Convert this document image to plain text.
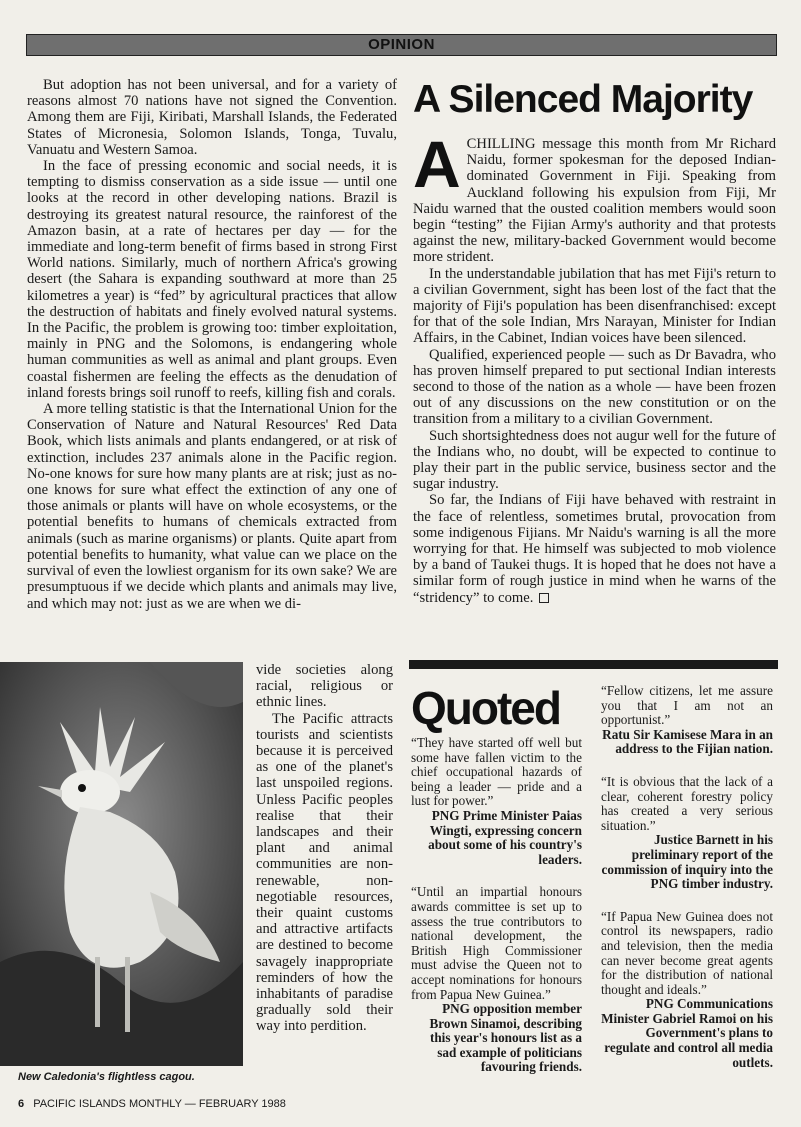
OPINION

But adoption has not been universal, and for a variety of reasons almost 70 nations have not signed the Convention. Among them are Fiji, Kiribati, Marshall Islands, the Federated States of Micronesia, Solomon Islands, Tonga, Tuvalu, Vanuatu and Western Samoa.

In the face of pressing economic and social needs, it is tempting to dismiss conservation as a side issue — until one looks at the record in other developing nations. Brazil is destroying its greatest natural resource, the rainforest of the Amazon basin, at a rate of hectares per day — for the immediate and long-term benefit of firms based in strong First World nations. Similarly, much of northern Africa's growing desert (the Sahara is expanding southward at more than 25 kilometres a year) is “fed” by agricultural practices that allow the destruction of habitats and finely evolved natural systems. In the Pacific, the problem is growing too: timber exploitation, mainly in PNG and the Solomons, is endangering whole human communities as well as animal and plant groups. Even coastal fishermen are feeling the effects as the denudation of inland forests brings soil runoff to reefs, killing fish and corals.

A more telling statistic is that the International Union for the Conservation of Nature and Natural Resources' Red Data Book, which lists animals and plants endangered, or at risk of extinction, includes 237 animals alone in the Pacific region. No-one knows for sure how many plants are at risk; just as no-one knows for sure what effect the extinction of any one of those animals or plants will have on whole ecosystems, or the potential benefits to humans of chemicals extracted from animals (such as marine organisms) or plants. Quite apart from potential benefits to humanity, what value can we place on the survival of even the lowliest organism for its own sake? We are presumptuous if we decide which plants and animals may live, and which may not: just as we are when we di-

New Caledonia's flightless cagou.

vide societies along racial, religious or ethnic lines.

The Pacific attracts tourists and scientists because it is perceived as one of the planet's last unspoiled regions. Unless Pacific peoples realise that their landscapes and their plant and animal communities are non-renewable, non-negotiable resources, their quaint customs and attractive artifacts are destined to become savagely inappropriate reminders of how the inhabitants of paradise gradually sold their way into perdition.

A Silenced Majority

ACHILLING message this month from Mr Richard Naidu, former spokesman for the deposed Indian-dominated Government in Fiji. Speaking from Auckland following his expulsion from Fiji, Mr Naidu warned that the ousted coalition members would soon begin “testing” the Fijian Army's authority and that protests against the new, military-backed Government would become more strident.

In the understandable jubilation that has met Fiji's return to a civilian Government, sight has been lost of the fact that the majority of Fiji's population has been disenfranchised: except for that of the sole Indian, Mrs Narayan, Minister for Indian Affairs, in the Cabinet, Indian voices have been silenced.

Qualified, experienced people — such as Dr Bavadra, who has proven himself prepared to put sectional Indian interests second to those of the nation as a whole — have been frozen out of any discussions on the new constitution or on the transition from a military to a civilian Government.

Such shortsightedness does not augur well for the future of the Indians who, no doubt, will be expected to continue to play their part in the public service, business sector and the sugar industry.

So far, the Indians of Fiji have behaved with restraint in the face of relentless, sometimes brutal, provocation from some indigenous Fijians. Mr Naidu's warning is all the more worrying for that. He himself was subjected to mob violence by a band of Taukei thugs. It is hoped that he does not have a similar form of rough justice in mind when he warns of the “stridency” to come.

Quoted

“They have started off well but some have fallen victim to the chief occupational hazards of being a leader — pride and a lust for power.”

PNG Prime Minister Paias Wingti, expressing concern about some of his country's leaders.

“Until an impartial honours awards committee is set up to assess the true contributors to national development, the British High Commissioner must advise the Queen not to accept nominations for honours from Papua New Guinea.”

PNG opposition member Brown Sinamoi, describing this year's honours list as a sad example of politicians favouring friends.

“Fellow citizens, let me assure you that I am not an opportunist.”

Ratu Sir Kamisese Mara in an address to the Fijian nation.

“It is obvious that the lack of a clear, coherent forestry policy has created a very serious situation.”

Justice Barnett in his preliminary report of the commission of inquiry into the PNG timber industry.

“If Papua New Guinea does not control its newspapers, radio and television, then the media can never become great agents for the distribution of national thought and ideals.”

PNG Communications Minister Gabriel Ramoi on his Government's plans to regulate and control all media outlets.

6 PACIFIC ISLANDS MONTHLY — FEBRUARY 1988
